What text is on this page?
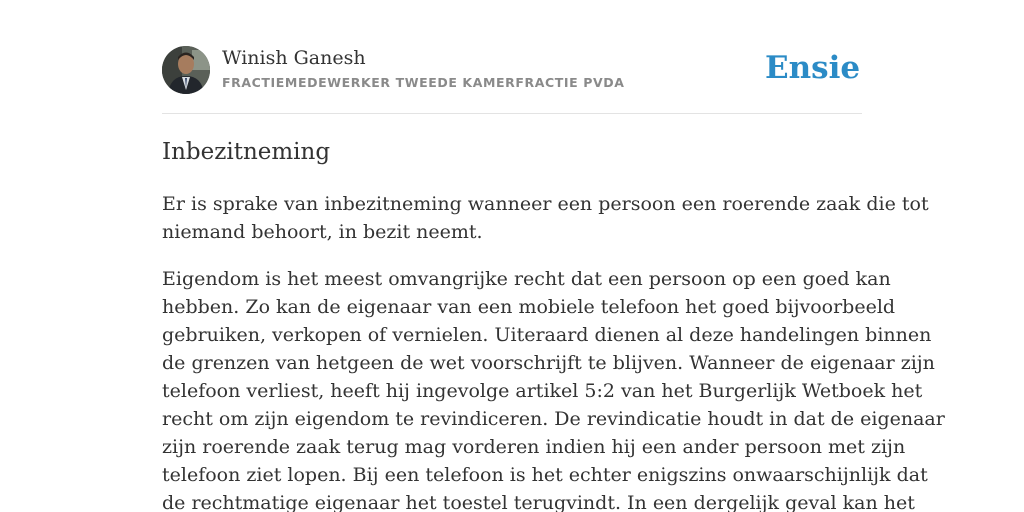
Winish Ganesh
FRACTIEMEDEWERKER TWEEDE KAMERFRACTIE PVDA	Ensie
Inbezitneming

Er is sprake van inbezitneming wanneer een persoon een roerende zaak die tot
niemand behoort, in bezit neemt.

Eigendom is het meest omvangrijke recht dat een persoon op een goed kan
hebben. Zo kan de eigenaar van een mobiele telefoon het goed bijvoorbeeld
gebruiken, verkopen of vernielen. Uiteraard dienen al deze handelingen binnen
de grenzen van hetgeen de wet voorschrijft te blijven. Wanneer de eigenaar zijn
telefoon verliest, heeft hij ingevolge artikel 5:2 van het Burgerlijk Wetboek het
recht om zijn eigendom te revindiceren. De revindicatie houdt in dat de eigenaar
zijn roerende zaak terug mag vorderen indien hij een ander persoon met zijn
telefoon ziet lopen. Bij een telefoon is het echter enigszins onwaarschijnlijk dat
de rechtmatige eigenaar het toestel terugvindt. In een dergelijk geval kan het
